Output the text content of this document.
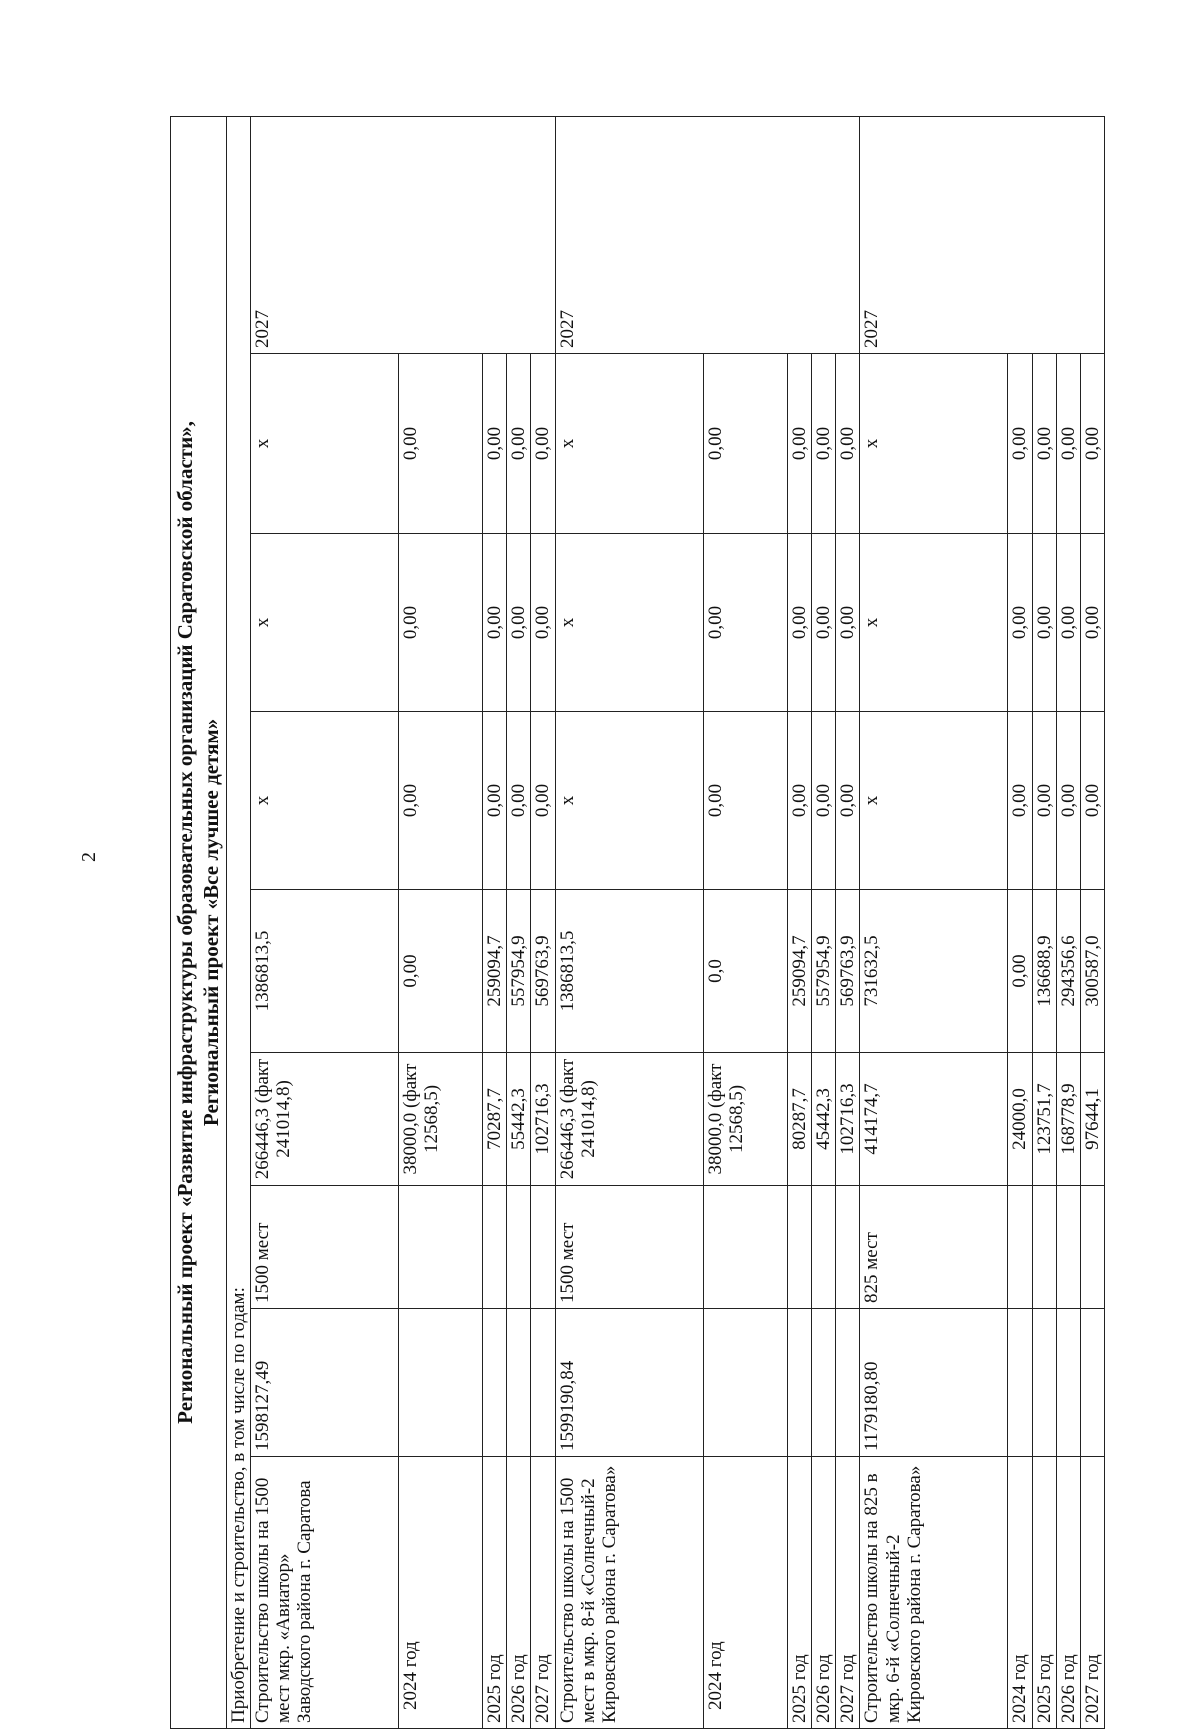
2	Региональный проект «Развитие инфраструктуры образовательных организаций Саратовской области», Региональный проект «Все лучшее детям»								

Приобретение и строительство, в том числе по годам:								
Строительство школы на 1500 мест мкр. «Авиатор» Заводского района г. Саратова	1598127,49	1500 мест	266446,3 (факт 241014,8)	1386813,5	x	x	x	2027
2024 год			38000,0 (факт 12568,5)	0,00	0,00	0,00	0,00	
2025 год			70287,7	259094,7	0,00	0,00	0,00	
2026 год			55442,3	557954,9	0,00	0,00	0,00	
2027 год			102716,3	569763,9	0,00	0,00	0,00	
Строительство школы на 1500 мест в мкр. 8-й «Солнечный-2 Кировского района г. Саратова»	1599190,84	1500 мест	266446,3 (факт 241014,8)	1386813,5	x	x	x	2027
2024 год			38000,0 (факт 12568,5)	0,0	0,00	0,00	0,00	
2025 год			80287,7	259094,7	0,00	0,00	0,00	
2026 год			45442,3	557954,9	0,00	0,00	0,00	
2027 год			102716,3	569763,9	0,00	0,00	0,00	
Строительство школы на 825 в мкр. 6-й «Солнечный-2 Кировского района г. Саратова»	1179180,80	825 мест	414174,7	731632,5	x	x	x	2027
2024 год			24000,0	0,00	0,00	0,00	0,00	
2025 год			123751,7	136688,9	0,00	0,00	0,00	
2026 год			168778,9	294356,6	0,00	0,00	0,00	
2027 год			97644,1	300587,0	0,00	0,00	0,00	
